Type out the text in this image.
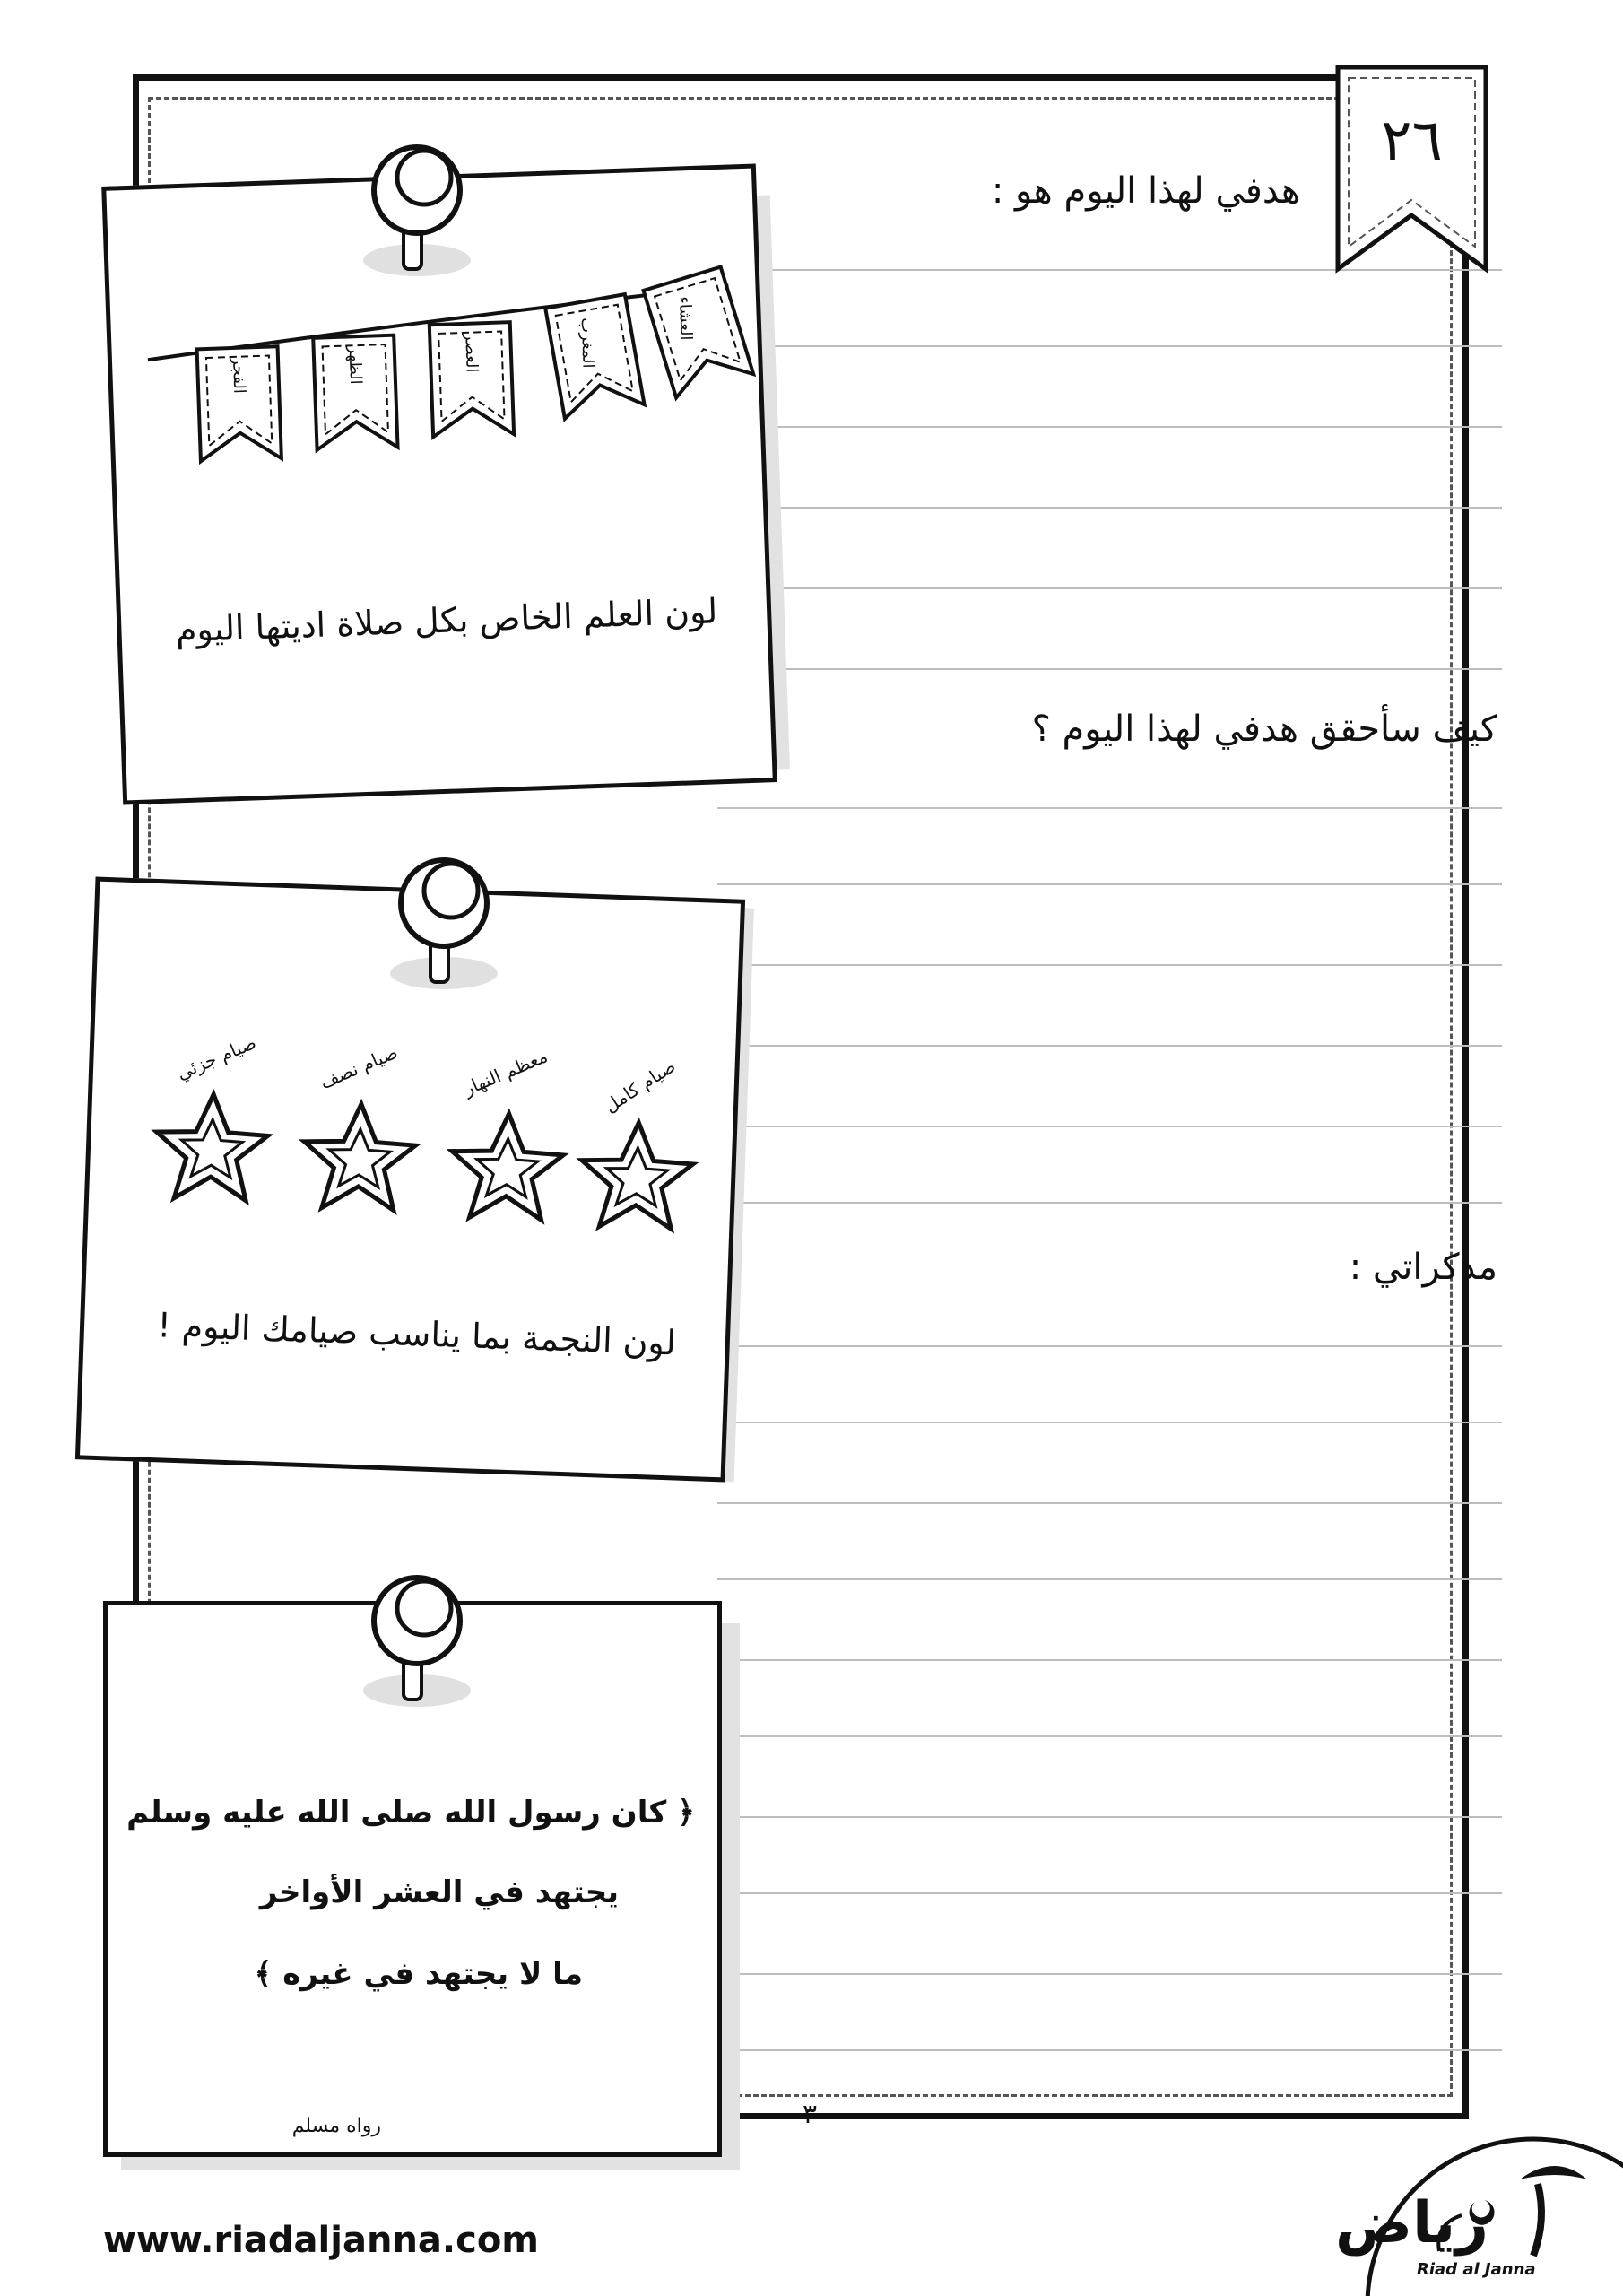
هدفي لهذا اليوم هو :
كيف سأحقق هدفي لهذا اليوم ؟
مذكراتي :
٢٦
الفجر	الظهر	العصر	المغرب	العشاء
لون العلم الخاص بكل صلاة اديتها اليوم
صيام جزئي	صيام نصف	معظم النهار	صيام كامل
لون النجمة بما يناسب صيامك اليوم !
﴿ كان رسول الله صلى الله عليه وسلم
يجتهد في العشر الأواخر
ما لا يجتهد في غيره ﴾
رواه مسلم	–٣٠–
www.riadaljanna.com	رياض
Riad al Janna
